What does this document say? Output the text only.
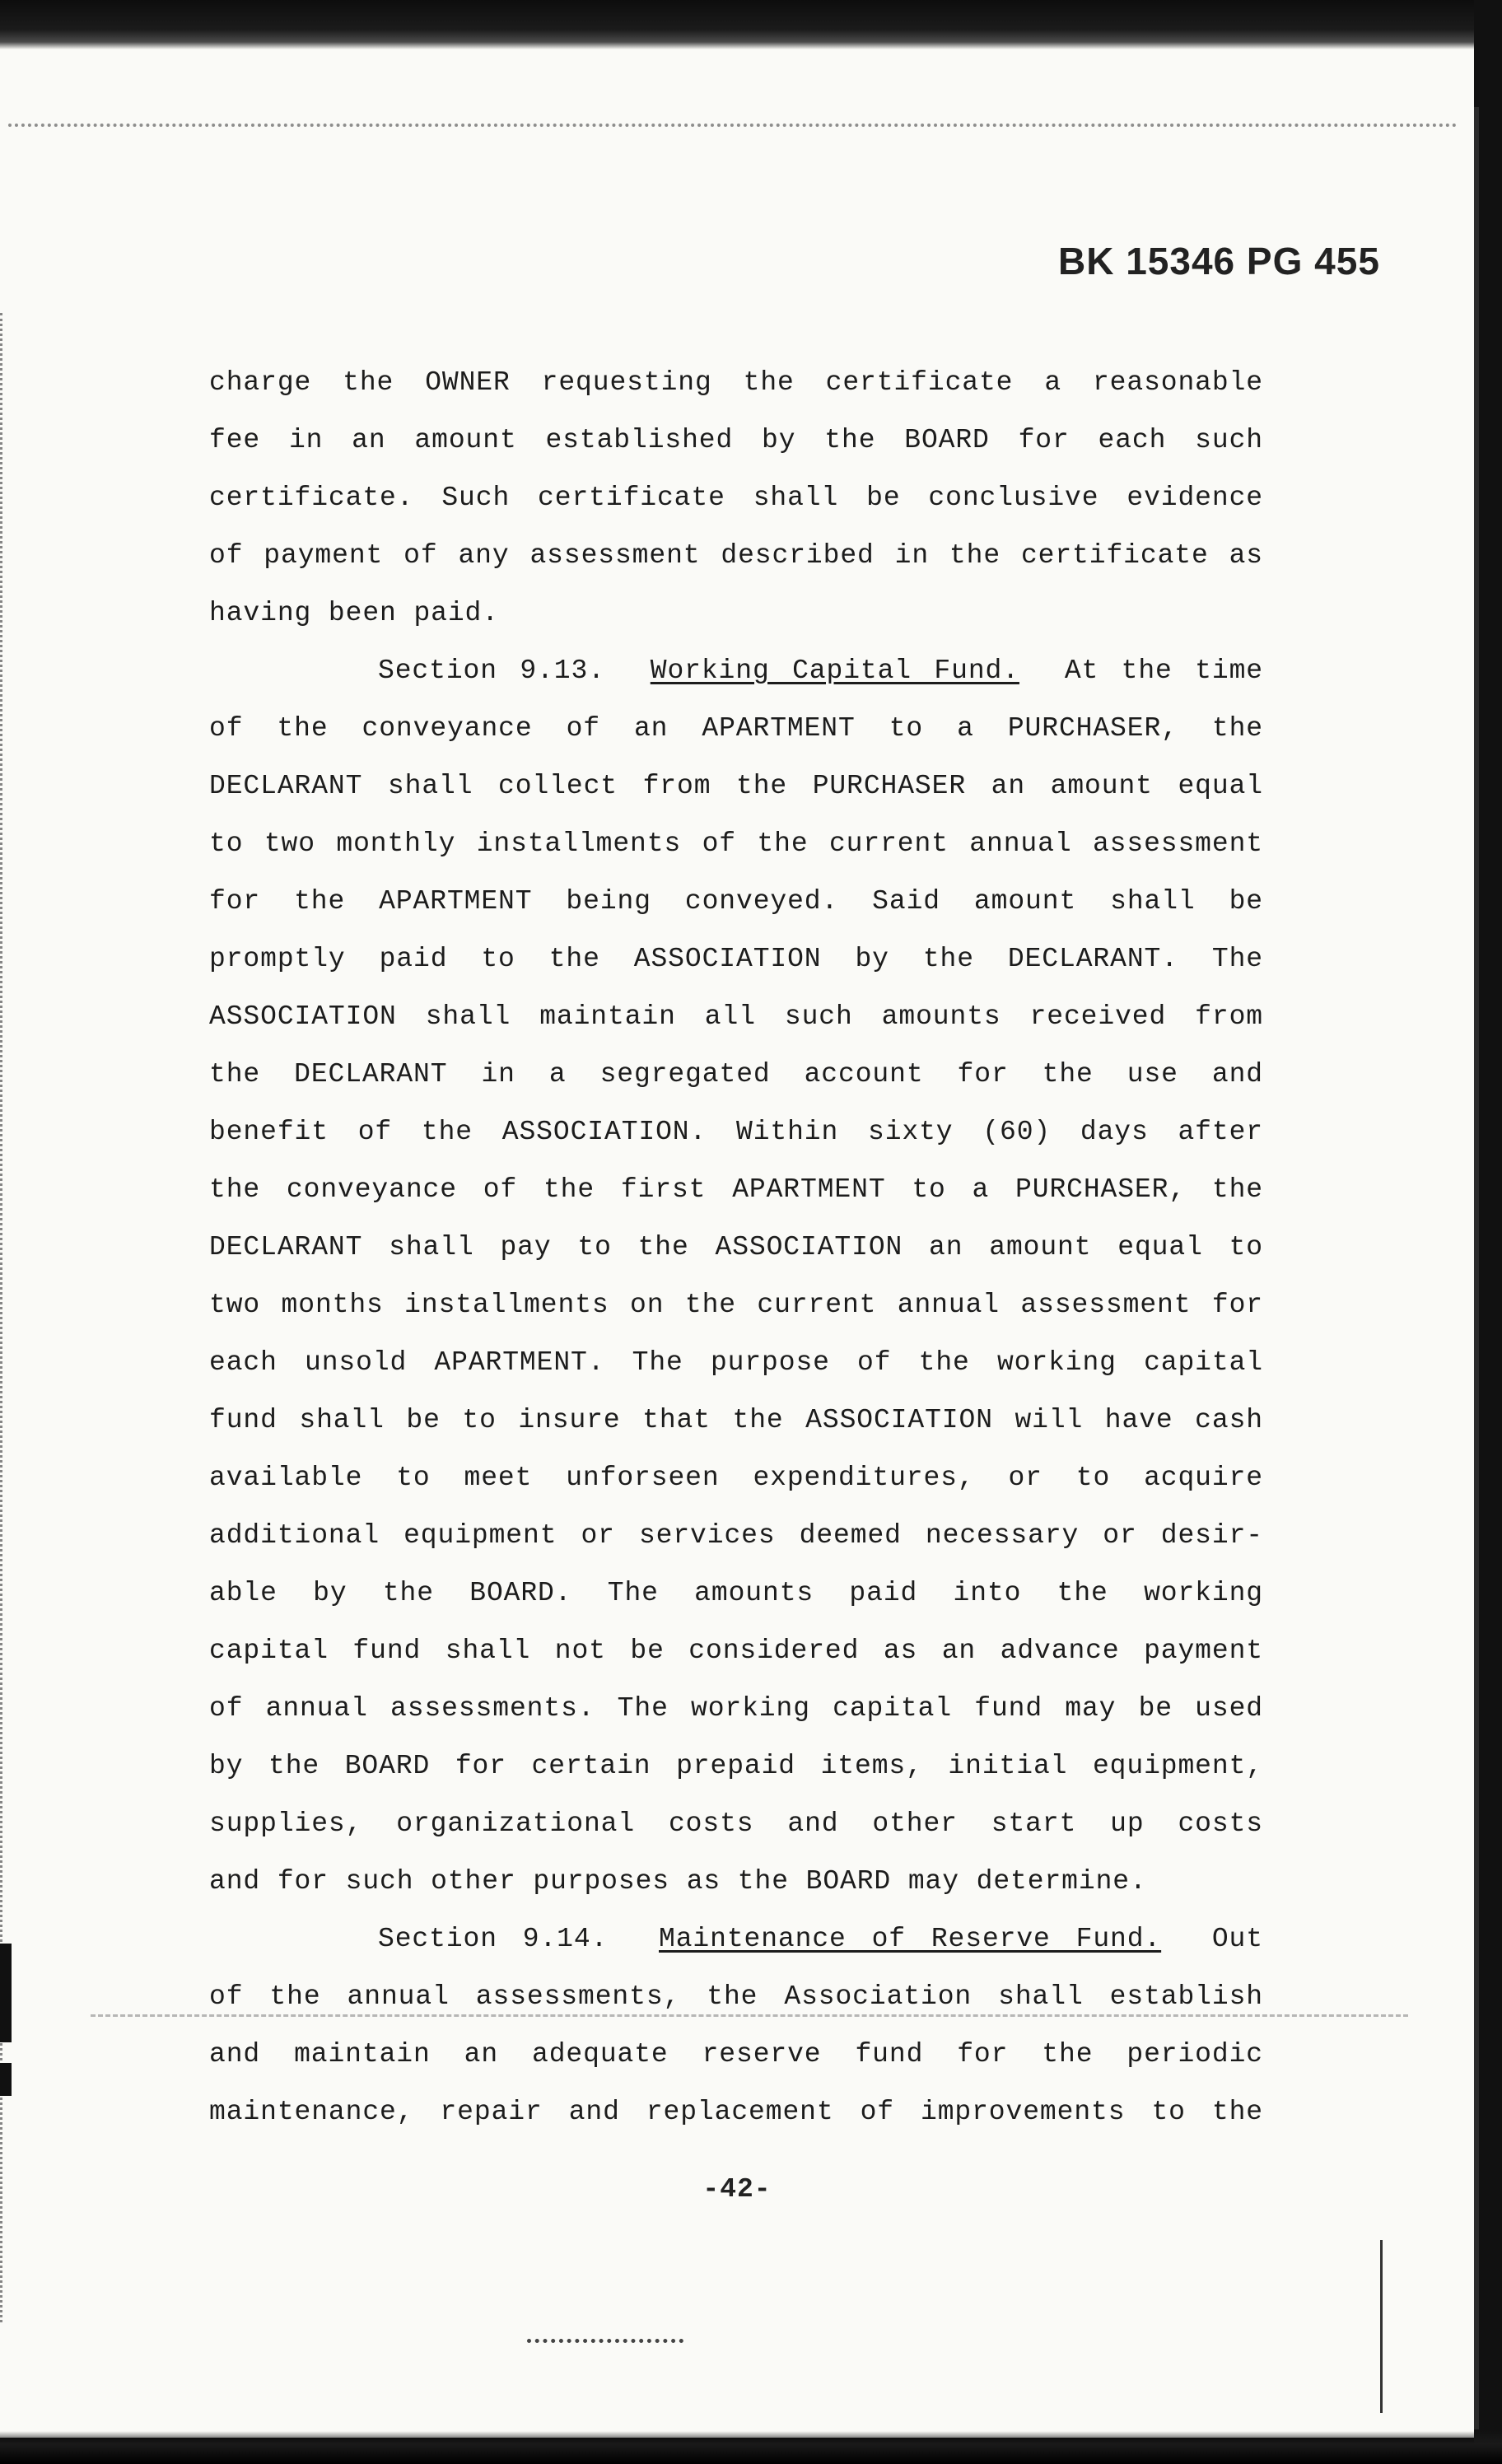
BK 15346 PG 455
charge the OWNER requesting the certificate a reasonable
fee in an amount established by the BOARD for each such
certificate. Such certificate shall be conclusive evidence
of payment of any assessment described in the certificate as
having been paid.
Section 9.13. Working Capital Fund. At the time
of the conveyance of an APARTMENT to a PURCHASER, the
DECLARANT shall collect from the PURCHASER an amount equal
to two monthly installments of the current annual assessment
for the APARTMENT being conveyed. Said amount shall be
promptly paid to the ASSOCIATION by the DECLARANT. The
ASSOCIATION shall maintain all such amounts received from
the DECLARANT in a segregated account for the use and
benefit of the ASSOCIATION. Within sixty (60) days after
the conveyance of the first APARTMENT to a PURCHASER, the
DECLARANT shall pay to the ASSOCIATION an amount equal to
two months installments on the current annual assessment for
each unsold APARTMENT. The purpose of the working capital
fund shall be to insure that the ASSOCIATION will have cash
available to meet unforseen expenditures, or to acquire
additional equipment or services deemed necessary or desir-
able by the BOARD. The amounts paid into the working
capital fund shall not be considered as an advance payment
of annual assessments. The working capital fund may be used
by the BOARD for certain prepaid items, initial equipment,
supplies, organizational costs and other start up costs
and for such other purposes as the BOARD may determine.
Section 9.14. Maintenance of Reserve Fund. Out
of the annual assessments, the Association shall establish
and maintain an adequate reserve fund for the periodic
maintenance, repair and replacement of improvements to the
-42-
